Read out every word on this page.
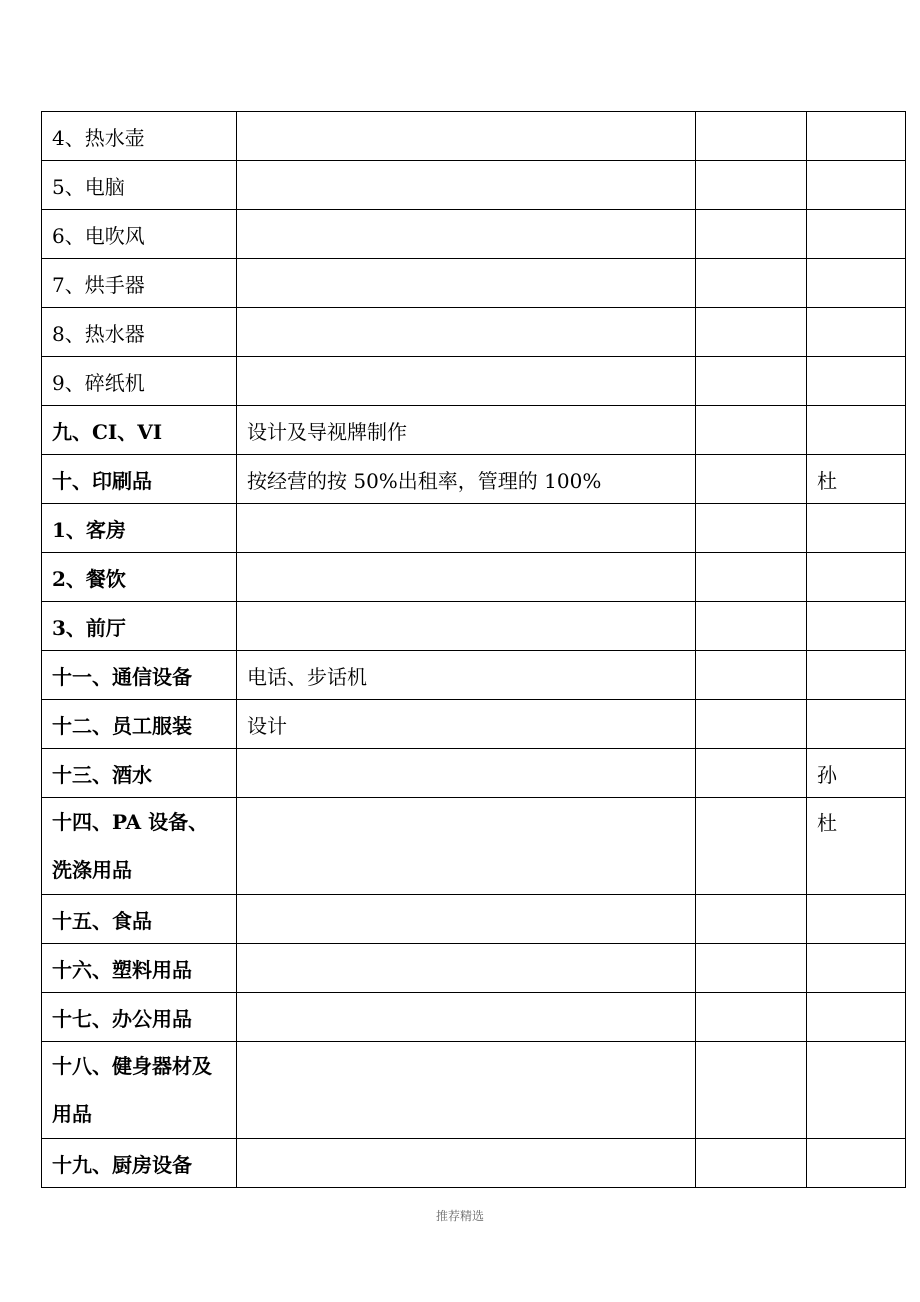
4、热水壶			
5、电脑			
6、电吹风			
7、烘手器			
8、热水器			
9、碎纸机			
九、CI、VI	设计及导视牌制作		
十、印刷品	按经营的按 50%出租率，管理的 100%		杜
1、客房			
2、餐饮			
3、前厅			
十一、通信设备	电话、步话机		
十二、员工服装	设计		
十三、酒水			孙
十四、PA 设备、洗涤用品			杜
十五、食品			
十六、塑料用品			
十七、办公用品			
十八、健身器材及用品			
十九、厨房设备			
推荐精选
